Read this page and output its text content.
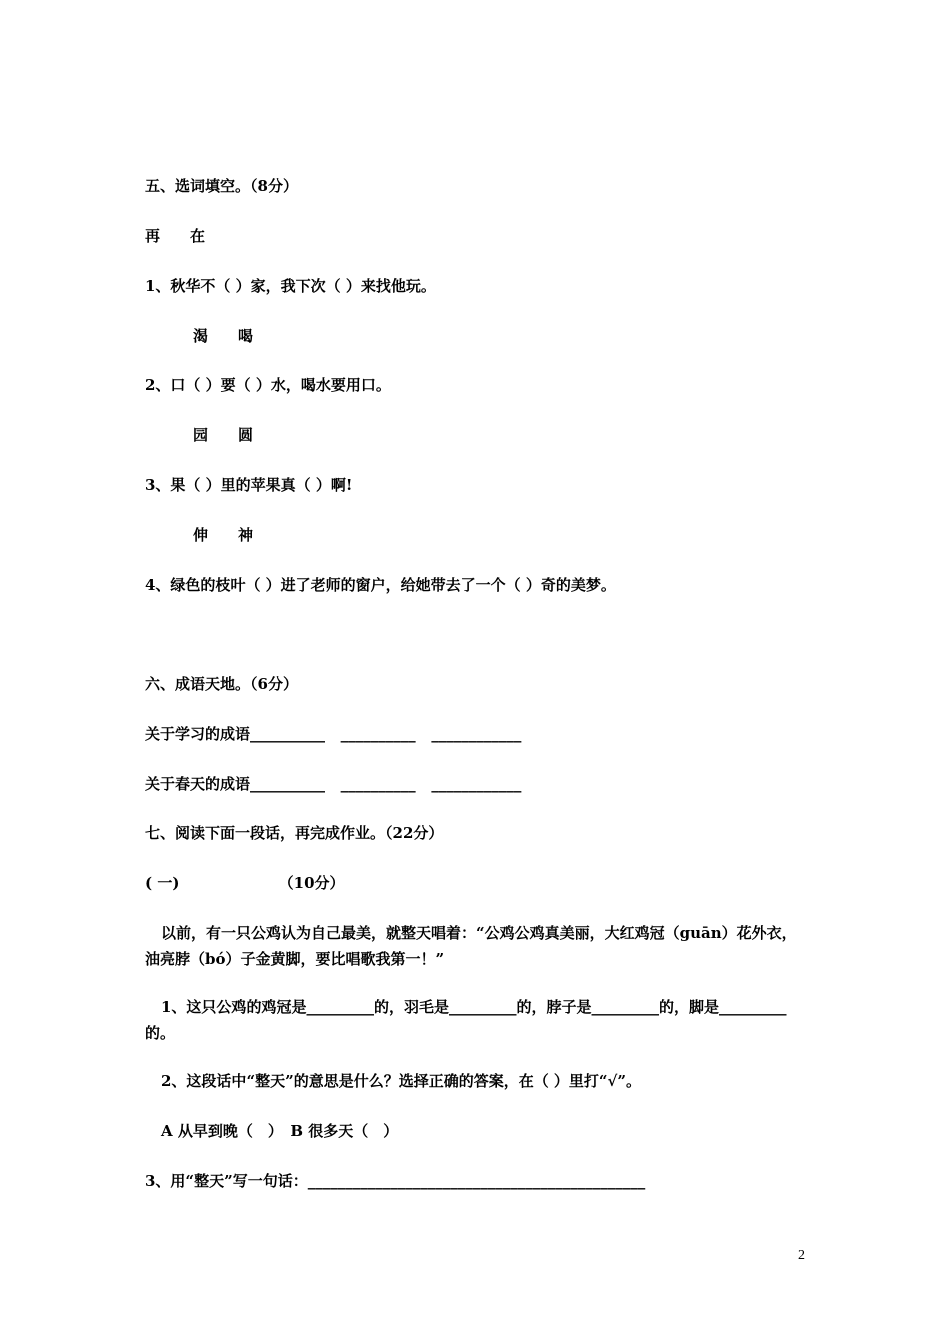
五、选词填空。（8分）
再　　在
1、秋华不（ ）家，我下次（ ）来找他玩。
渴　　喝
2、口（ ）要（ ）水，喝水要用口。
园　　圆
3、果（ ）里的苹果真（ ）啊!
伸　　神
4、绿色的枝叶（ ）进了老师的窗户，给她带去了一个（ ）奇的美梦。
六、成语天地。（6分）
关于学习的成语__________   __________   ____________
关于春天的成语__________   __________   ____________
七、阅读下面一段话，再完成作业。（22分）
( 一)                   （10分）
以前，有一只公鸡认为自己最美，就整天唱着：“公鸡公鸡真美丽，大红鸡冠（guān）花外衣，油亮脖（bó）子金黄脚，要比唱歌我第一！”
1、这只公鸡的鸡冠是_________的，羽毛是_________的，脖子是_________的，脚是_________的。
2、这段话中“整天”的意思是什么？选择正确的答案，在（ ）里打“√”。
A 从早到晚（　）　B 很多天（　）
3、用“整天”写一句话：_____________________________________________
2
